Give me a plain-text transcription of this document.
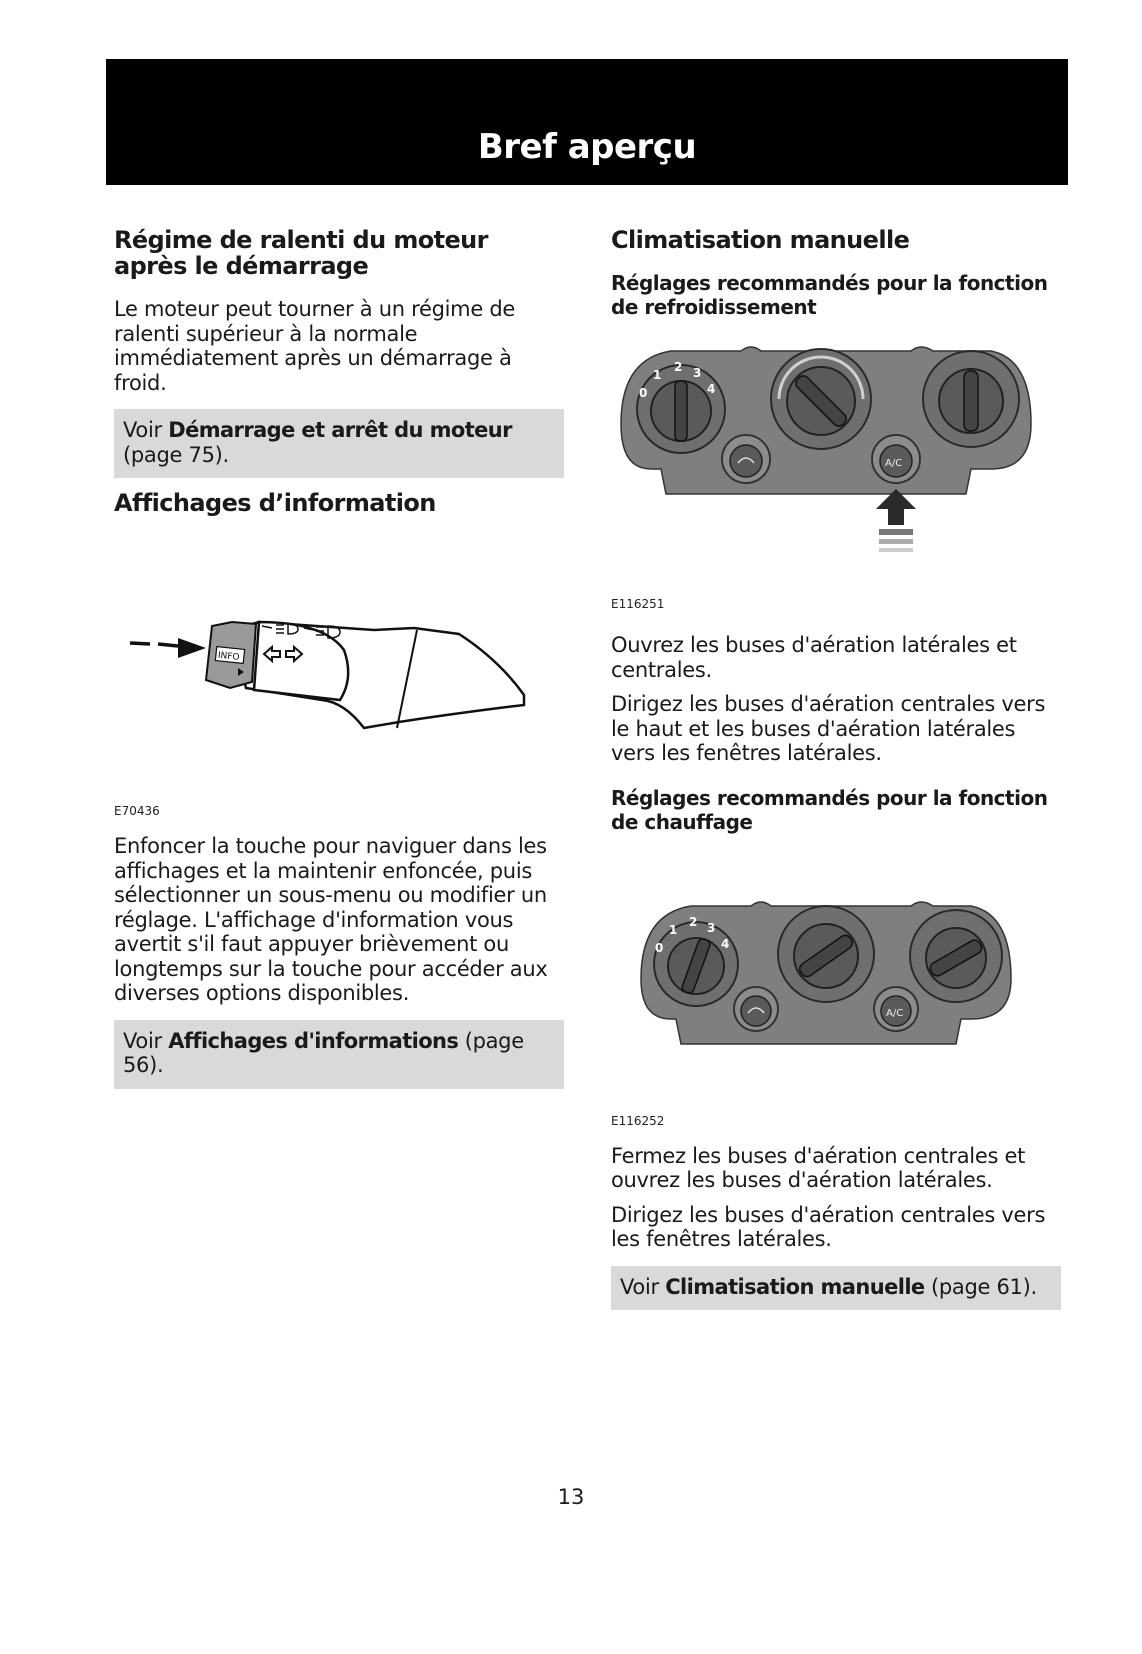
Bref aperçu
Régime de ralenti du moteur après le démarrage

Le moteur peut tourner à un régime de ralenti supérieur à la normale immédiatement après un démarrage à froid.

Voir Démarrage et arrêt du moteur (page 75).
Affichages d’information
INFO
E70436

Enfoncer la touche pour naviguer dans les affichages et la maintenir enfoncée, puis sélectionner un sous-menu ou modifier un réglage. L'affichage d'information vous avertit s'il faut appuyer brièvement ou longtemps sur la touche pour accéder aux diverses options disponibles.

Voir Affichages d'informations (page 56).
Climatisation manuelle
Réglages recommandés pour la fonction de refroidissement
0
1
2 3
4
A/C
E116251

Ouvrez les buses d'aération latérales et centrales.

Dirigez les buses d'aération centrales vers le haut et les buses d'aération latérales vers les fenêtres latérales.

Réglages recommandés pour la fonction de chauffage
0
1
2 3
4
A/C
E116252

Fermez les buses d'aération centrales et ouvrez les buses d'aération latérales.

Dirigez les buses d'aération centrales vers les fenêtres latérales.

Voir Climatisation manuelle (page 61).
13
